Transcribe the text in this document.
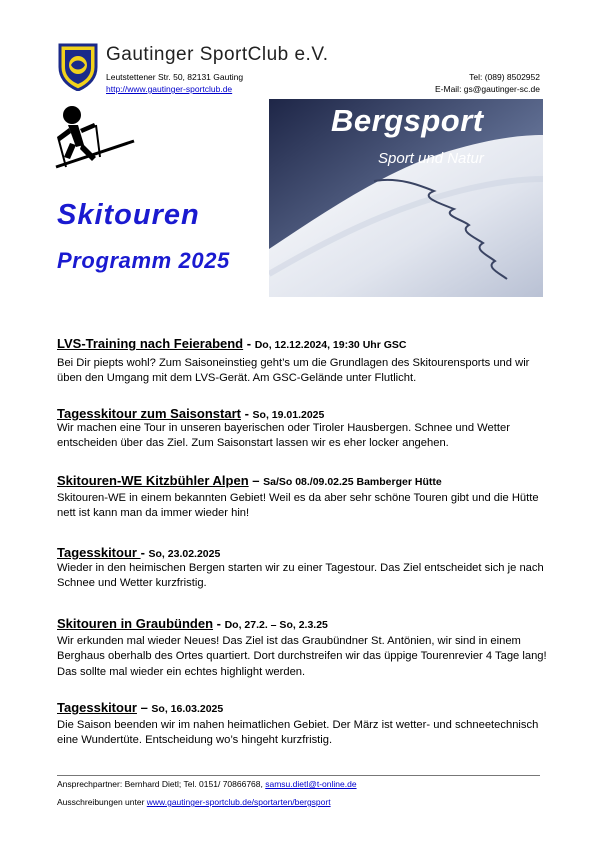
Gautinger SportClub e.V.
Leutstettener Str. 50, 82131 Gauting	Tel: (089) 8502952
http://www.gautinger-sportclub.de	E-Mail: gs@gautinger-sc.de
Bergsport
Sport und Natur
Skitouren
Programm 2025
LVS-Training nach Feierabend - Do, 12.12.2024, 19:30 Uhr GSC
Bei Dir piepts wohl? Zum Saisoneinstieg geht’s um die Grundlagen des Skitourensports und wir üben den Umgang mit dem LVS-Gerät. Am GSC-Gelände unter Flutlicht.
Tagesskitour zum Saisonstart - So, 19.01.2025
Wir machen eine Tour in unseren bayerischen oder Tiroler Hausbergen. Schnee und Wetter entscheiden über das Ziel. Zum Saisonstart lassen wir es eher locker angehen.
Skitouren-WE Kitzbühler Alpen – Sa/So 08./09.02.25 Bamberger Hütte
Skitouren-WE in einem bekannten Gebiet! Weil es da aber sehr schöne Touren gibt und die Hütte nett ist kann man da immer wieder hin!
Tagesskitour - So, 23.02.2025
Wieder in den heimischen Bergen starten wir zu einer Tagestour. Das Ziel entscheidet sich je nach Schnee und Wetter kurzfristig.
Skitouren in Graubünden - Do, 27.2. – So, 2.3.25
Wir erkunden mal wieder Neues! Das Ziel ist das Graubündner St. Antönien, wir sind in einem Berghaus oberhalb des Ortes quartiert. Dort durchstreifen wir das üppige Tourenrevier 4 Tage lang! Das sollte mal wieder ein echtes highlight werden.
Tagesskitour – So, 16.03.2025
Die Saison beenden wir im nahen heimatlichen Gebiet. Der März ist wetter- und schneetechnisch eine Wundertüte. Entscheidung wo’s hingeht kurzfristig.
Ansprechpartner: Bernhard Dietl; Tel. 0151/ 70866768, samsu.dietl@t-online.de
Ausschreibungen unter www.gautinger-sportclub.de/sportarten/bergsport
